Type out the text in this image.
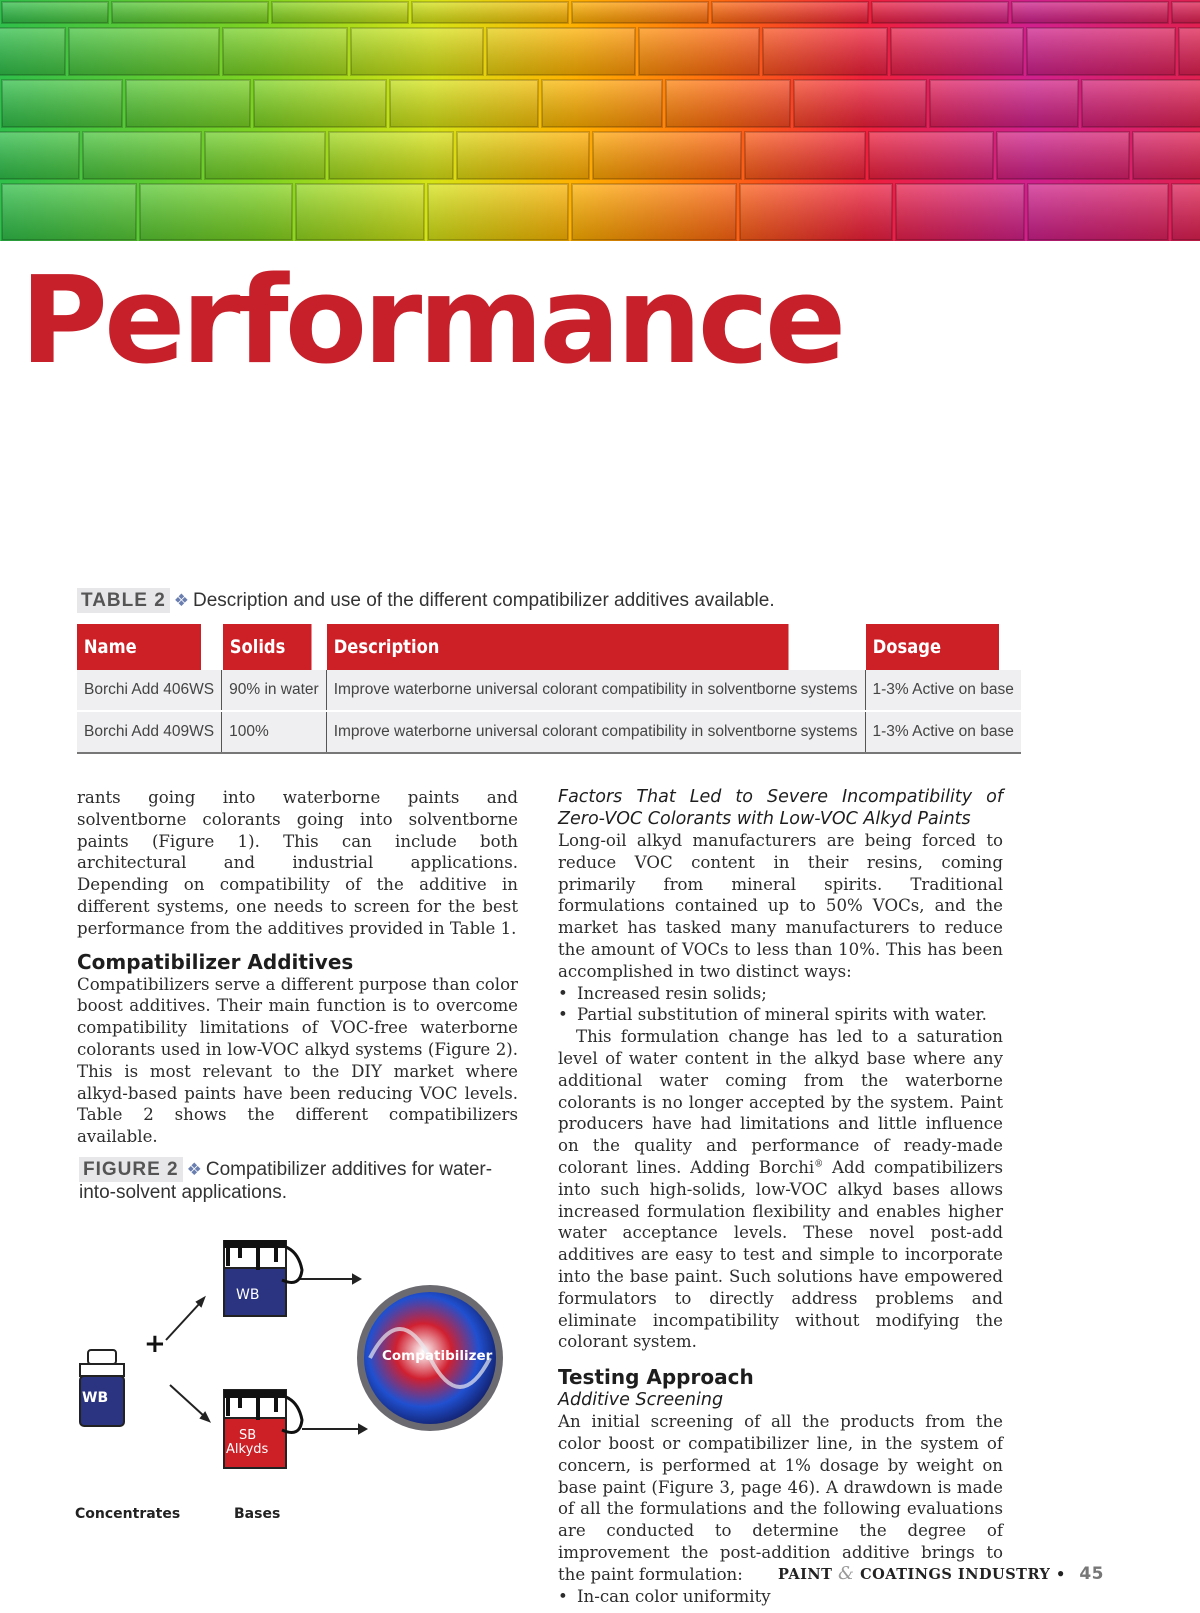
Performance
TABLE 2 ❖ Description and use of the different compatibilizer additives available.
Name	Solids	Description	Dosage
Borchi Add 406WS	90% in water	Improve waterborne universal colorant compatibility in solventborne systems	1-3% Active on base
Borchi Add 409WS	100%	Improve waterborne universal colorant compatibility in solventborne systems	1-3% Active on base

rants going into waterborne paints and solventborne colorants going into solventborne paints (Figure 1). This can include both architectural and industrial applications. Depending on compatibility of the additive in different systems, one needs to screen for the best performance from the additives provided in Table 1.

Compatibilizer Additives

Compatibilizers serve a different purpose than color boost additives. Their main function is to overcome compatibility limitations of VOC-free waterborne colorants used in low-VOC alkyd systems (Figure 2). This is most relevant to the DIY market where alkyd-based paints have been reducing VOC levels. Table 2 shows the different compatibilizers available.

FIGURE 2 ❖ Compatibilizer additives for water-into-solvent applications.
+
WB
WB
SB
Alkyds
Compatibilizer
Concentrates	Bases

Factors That Led to Severe Incompatibility of Zero-VOC Colorants with Low-VOC Alkyd Paints

Long-oil alkyd manufacturers are being forced to reduce VOC content in their resins, coming primarily from mineral spirits. Traditional formulations contained up to 50% VOCs, and the market has tasked many manufacturers to reduce the amount of VOCs to less than 10%. This has been accomplished in two distinct ways:

• Increased resin solids;

• Partial substitution of mineral spirits with water.

This formulation change has led to a saturation level of water content in the alkyd base where any additional water coming from the waterborne colorants is no longer accepted by the system. Paint producers have had limitations and little influence on the quality and performance of ready-made colorant lines. Adding Borchi® Add compatibilizers into such high-solids, low-VOC alkyd bases allows increased formulation flexibility and enables higher water acceptance levels. These novel post-add additives are easy to test and simple to incorporate into the base paint. Such solutions have empowered formulators to directly address problems and eliminate incompatibility without modifying the colorant system.

Testing Approach

Additive Screening

An initial screening of all the products from the color boost or compatibilizer line, in the system of concern, is performed at 1% dosage by weight on base paint (Figure 3, page 46). A drawdown is made of all the formulations and the following evaluations are conducted to determine the degree of improvement the post-addition additive brings to the paint formulation:

• In-can color uniformity

PAINT & COATINGS INDUSTRY • 45
